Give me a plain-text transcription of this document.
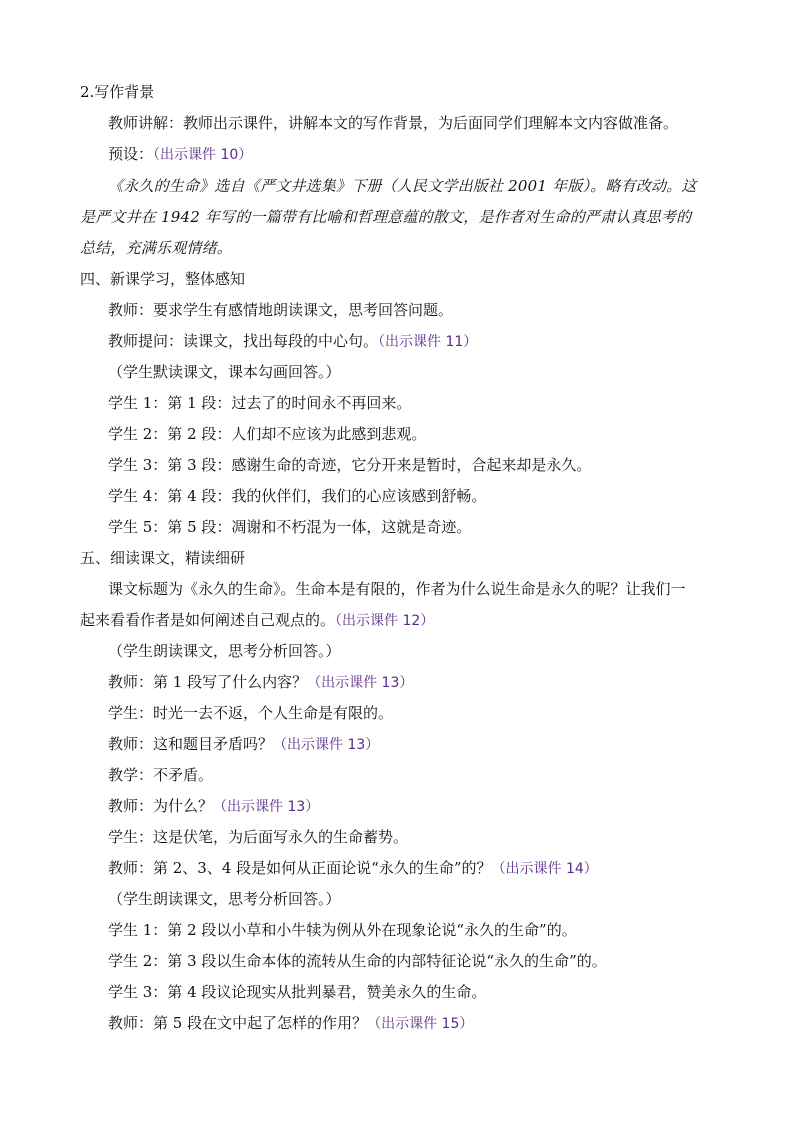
2.写作背景
教师讲解：教师出示课件，讲解本文的写作背景，为后面同学们理解本文内容做准备。
预设：（出示课件 10）
《永久的生命》选自《严文井选集》下册（人民文学出版社 2001 年版）。略有改动。这
是严文井在 1942 年写的一篇带有比喻和哲理意蕴的散文，是作者对生命的严肃认真思考的
总结，充满乐观情绪。
四、新课学习，整体感知
教师：要求学生有感情地朗读课文，思考回答问题。
教师提问：读课文，找出每段的中心句。（出示课件 11）
（学生默读课文，课本勾画回答。）
学生 1：第 1 段：过去了的时间永不再回来。
学生 2：第 2 段：人们却不应该为此感到悲观。
学生 3：第 3 段：感谢生命的奇迹，它分开来是暂时，合起来却是永久。
学生 4：第 4 段：我的伙伴们，我们的心应该感到舒畅。
学生 5：第 5 段：凋谢和不朽混为一体，这就是奇迹。
五、细读课文，精读细研
课文标题为《永久的生命》。生命本是有限的，作者为什么说生命是永久的呢？让我们一
起来看看作者是如何阐述自己观点的。（出示课件 12）
（学生朗读课文，思考分析回答。）
教师：第 1 段写了什么内容？（出示课件 13）
学生：时光一去不返，个人生命是有限的。
教师：这和题目矛盾吗？（出示课件 13）
教学：不矛盾。
教师：为什么？（出示课件 13）
学生：这是伏笔，为后面写永久的生命蓄势。
教师：第 2、3、4 段是如何从正面论说“永久的生命”的？（出示课件 14）
（学生朗读课文，思考分析回答。）
学生 1：第 2 段以小草和小牛犊为例从外在现象论说“永久的生命”的。
学生 2：第 3 段以生命本体的流转从生命的内部特征论说“永久的生命”的。
学生 3：第 4 段议论现实从批判暴君，赞美永久的生命。
教师：第 5 段在文中起了怎样的作用？（出示课件 15）
